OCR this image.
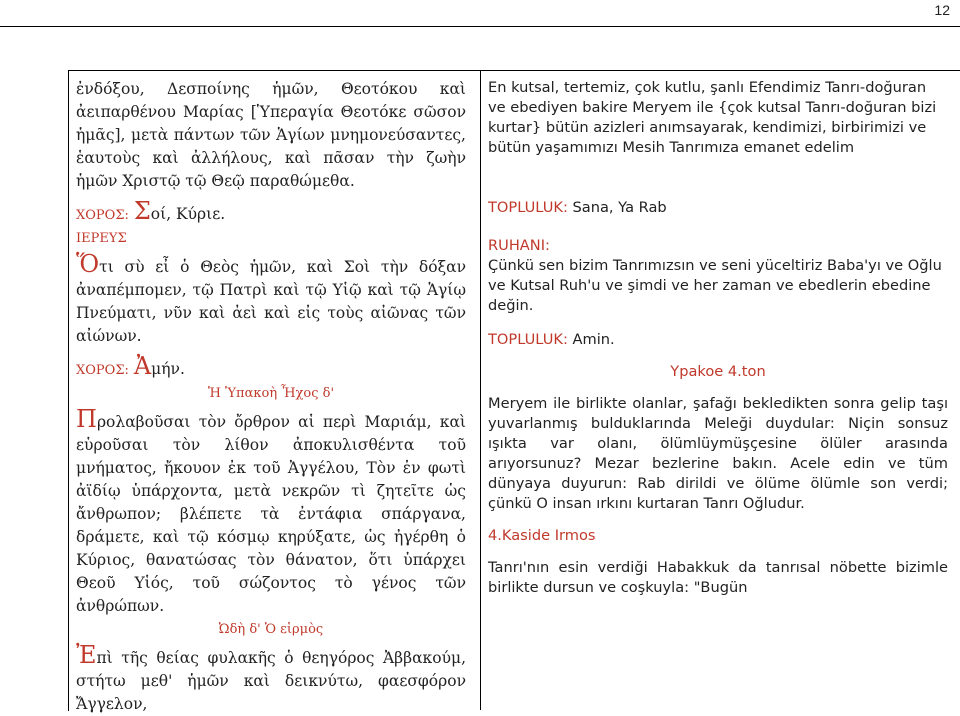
12

ἐνδόξου, Δεσποίνης ἡμῶν, Θεοτόκου καὶ ἀειπαρθένου Μαρίας [Ὑπεραγία Θεοτόκε σῶσον ἡμᾶς], μετὰ πάντων τῶν Ἁγίων μνημονεύσαντες, ἑαυτοὺς καὶ ἀλλήλους, καὶ πᾶσαν τὴν ζωὴν ἡμῶν Χριστῷ τῷ Θεῷ παραθώμεθα.

ΧΟΡΟΣ: Σοί, Κύριε.

ΙΕΡΕΥΣ

Ὅτι σὺ εἶ ὁ Θεὸς ἡμῶν, καὶ Σοὶ τὴν δόξαν ἀναπέμπομεν, τῷ Πατρὶ καὶ τῷ Υἱῷ καὶ τῷ Ἁγίῳ Πνεύματι, νῦν καὶ ἀεὶ καὶ εἰς τοὺς αἰῶνας τῶν αἰώνων.

ΧΟΡΟΣ: Ἀμήν.

Ἡ Ὑπακοὴ Ἦχος δ'

Προλαβοῦσαι τὸν ὄρθρον αἱ περὶ Μαριάμ, καὶ εὑροῦσαι τὸν λίθον ἀποκυλισθέντα τοῦ μνήματος, ἤκουον ἐκ τοῦ Ἀγγέλου, Τὸν ἐν φωτὶ ἀϊδίῳ ὑπάρχοντα, μετὰ νεκρῶν τὶ ζητεῖτε ὡς ἄνθρωπον; βλέπετε τὰ ἐντάφια σπάργανα, δράμετε, καὶ τῷ κόσμῳ κηρύξατε, ὡς ἠγέρθη ὁ Κύριος, θανατώσας τὸν θάνατον, ὅτι ὑπάρχει Θεοῦ Υἱός, τοῦ σώζοντος τὸ γένος τῶν ἀνθρώπων.

Ὠδὴ δ' Ὁ εἱρμὸς

Ἐπὶ τῆς θείας φυλακῆς ὁ θεηγόρος Ἀββακούμ, στήτω μεθ' ἡμῶν καὶ δεικνύτω, φαεσφόρον Ἄγγελον,

En kutsal, tertemiz, çok kutlu, şanlı Efendimiz Tanrı-doğuran ve ebediyen bakire Meryem ile {çok kutsal Tanrı-doğuran bizi kurtar} bütün azizleri anımsayarak, kendimizi, birbirimizi ve bütün yaşamımızı Mesih Tanrımıza emanet edelim

TOPLULUK: Sana, Ya Rab

RUHANI:

Çünkü sen bizim Tanrımızsın ve seni yüceltiriz Baba'yı ve Oğlu ve Kutsal Ruh'u ve şimdi ve her zaman ve ebedlerin ebedine değin.

TOPLULUK: Amin.

Ypakoe 4.ton

Meryem ile birlikte olanlar, şafağı bekledikten sonra gelip taşı yuvarlanmış bulduklarında Meleği duydular: Niçin sonsuz ışıkta var olanı, ölümlüymüşçesine ölüler arasında arıyorsunuz? Mezar bezlerine bakın. Acele edin ve tüm dünyaya duyurun: Rab dirildi ve ölüme ölümle son verdi; çünkü O insan ırkını kurtaran Tanrı Oğludur.

4.Kaside Irmos

Tanrı'nın esin verdiği Habakkuk da tanrısal nöbette bizimle birlikte dursun ve coşkuyla: "Bugün
